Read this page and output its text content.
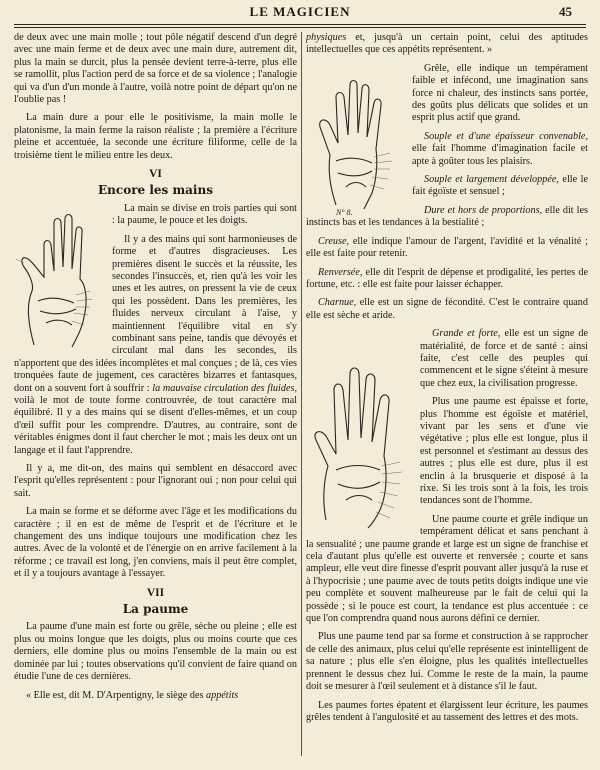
LE MAGICIEN	45

de deux avec une main molle ; tout pôle négatif descend d'un degré avec une main ferme et de deux avec une main dure, autrement dit, plus la main se durcit, plus la pensée devient terre-à-terre, plus elle se ramollit, plus l'action perd de sa force et de sa violence ; l'analogie qui va d'un d'un monde à l'autre, voilà notre point de départ qu'on ne l'oublie pas !

La main dure a pour elle le positivisme, la main molle le platonisme, la main ferme la raison réaliste ; la première a l'écriture pleine et accentuée, la seconde une écriture filiforme, celle de la troisième tient le milieu entre les deux.

VI
Encore les mains

La main se divise en trois parties qui sont : la paume, le pouce et les doigts.

Il y a des mains qui sont harmonieuses de forme et d'autres disgracieuses. Les premières disent le succès et la réussite, les secondes l'insuccès, et, rien qu'à les voir les unes et les autres, on pressent la vie de ceux qui les possèdent. Dans les premières, les fluides nerveux circulant à l'aise, y maintiennent l'équilibre vital en s'y combinant sans peine, tandis que dévoyés et circulant mal dans les secondes, ils n'apportent que des idées incomplètes et mal conçues ; de là, ces vies tronquées faute de jugement, ces caractères bizarres et fantasques, dont on a souvent fort à souffrir : la mauvaise circulation des fluides, voilà le mot de toute forme controuvrée, de tout caractère mal équilibré. Il y a des mains qui se disent d'elles-mêmes, et un coup d'œil suffit pour les comprendre. D'autres, au contraire, sont de véritables énigmes dont il faut chercher le mot ; mais les deux ont un langage et il faut l'apprendre.

Il y a, me dit-on, des mains qui semblent en désaccord avec l'esprit qu'elles représentent : pour l'ignorant oui ; non pour celui qui sait.

La main se forme et se déforme avec l'âge et les modifications du caractère ; il en est de même de l'esprit et de l'écriture et le changement des uns indique toujours une modification chez les autres. Avec de la volonté et de l'énergie on en arrive facilement à la réforme ; ce travail est long, j'en conviens, mais il peut être complet, et il y a toujours avantage à l'essayer.

VII
La paume

La paume d'une main est forte ou grêle, sèche ou pleine ; elle est plus ou moins longue que les doigts, plus ou moins courte que ces derniers, elle domine plus ou moins l'ensemble de la main ou est dominée par lui ; toutes observations qu'il convient de faire quand on étudie l'une de ces dernières.

« Elle est, dit M. D'Arpentigny, le siège des appétits

physiques et, jusqu'à un certain point, celui des aptitudes intellectuelles que ces appétits représentent. »

N° 8.

Grêle, elle indique un tempérament faible et infécond, une imagination sans force ni chaleur, des instincts sans portée, des goûts plus délicats que solides et un esprit plus actif que grand.

Souple et d'une épaisseur convenable, elle fait l'homme d'imagination facile et apte à goûter tous les plaisirs.

Souple et largement développée, elle le fait égoïste et sensuel ;

Dure et hors de proportions, elle dit les instincts bas et les tendances à la bestialité ;

Creuse, elle indique l'amour de l'argent, l'avidité et la vénalité ; elle est faite pour retenir.

Renversée, elle dit l'esprit de dépense et prodigalité, les pertes de fortune, etc. : elle est faite pour laisser échapper.

Charnue, elle est un signe de fécondité. C'est le contraire quand elle est sèche et aride.

Grande et forte, elle est un signe de matérialité, de force et de santé : ainsi faite, c'est celle des peuples qui commencent et le signe s'éteint à mesure que chez eux, la civilisation progresse.

Plus une paume est épaisse et forte, plus l'homme est égoïste et matériel, vivant par les sens et d'une vie végétative ; plus elle est longue, plus il est personnel et s'estimant au dessus des autres ; plus elle est dure, plus il est enclin à la brusquerie et disposé à la rixe. Si les trois sont à la fois, les trois tendances sont de l'homme.

Une paume courte et grêle indique un tempérament délicat et sans penchant à la sensualité ; une paume grande et large est un signe de franchise et cela d'autant plus qu'elle est ouverte et renversée ; courte et sans ampleur, elle veut dire finesse d'esprit pouvant aller jusqu'à la ruse et à l'hypocrisie ; une paume avec de touts petits doigts indique une vie peu complète et souvent malheureuse par le fait de celui qui la possède ; si le pouce est court, la tendance est plus accentuée : ce que l'on comprendra quand nous aurons défini ce dernier.

Plus une paume tend par sa forme et construction à se rapprocher de celle des animaux, plus celui qu'elle représente est inintelligent de sa nature ; plus elle s'en éloigne, plus les qualités intellectuelles prennent le dessus chez lui. Comme le reste de la main, la paume doit se mesurer à l'œil seulement et à distance s'il le faut.

Les paumes fortes épatent et élargissent leur écriture, les paumes grêles tendent à l'angulosité et au tassement des lettres et des mots.
